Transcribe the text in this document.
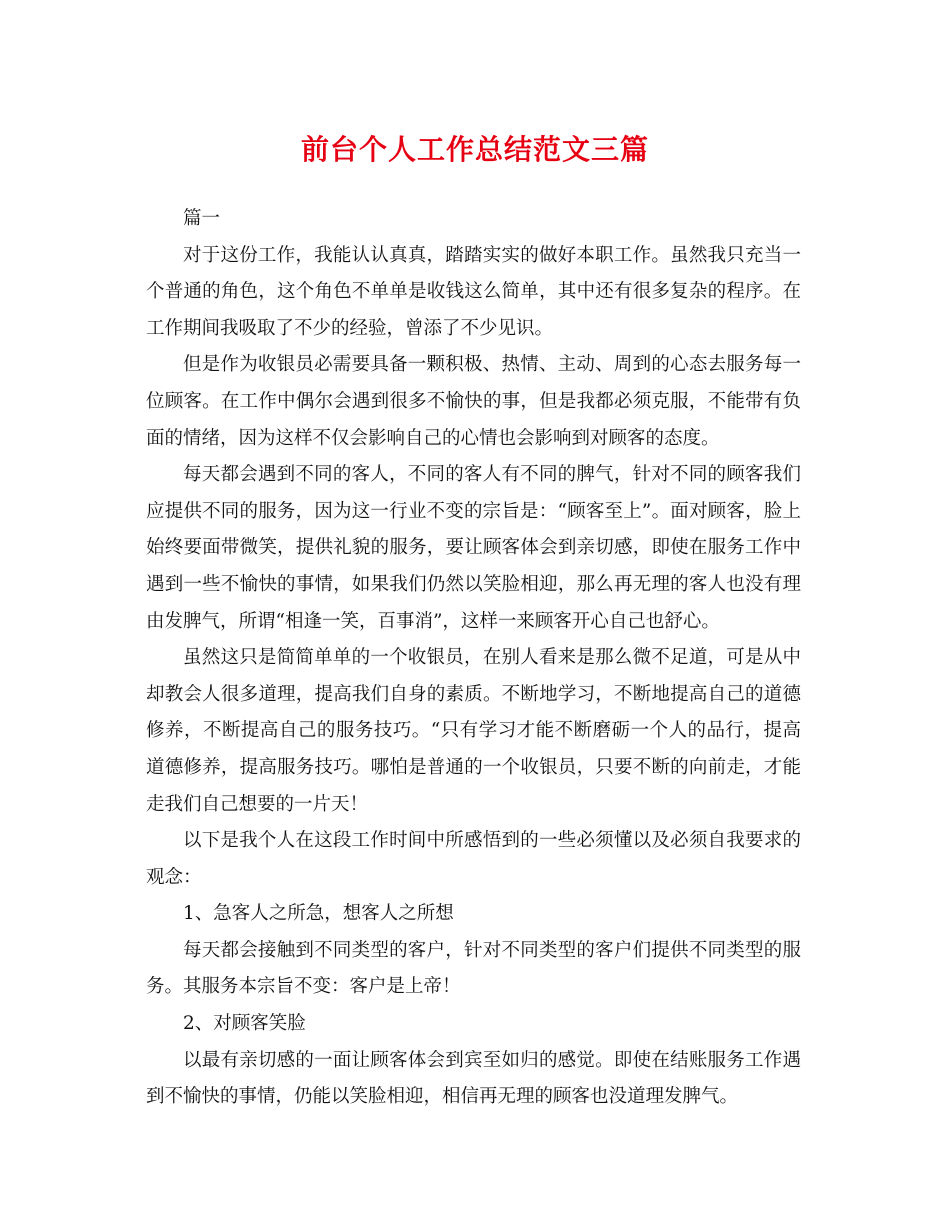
前台个人工作总结范文三篇

篇一

对于这份工作，我能认认真真，踏踏实实的做好本职工作。虽然我只充当一个普通的角色，这个角色不单单是收钱这么简单，其中还有很多复杂的程序。在工作期间我吸取了不少的经验，曾添了不少见识。

但是作为收银员必需要具备一颗积极、热情、主动、周到的心态去服务每一位顾客。在工作中偶尔会遇到很多不愉快的事，但是我都必须克服，不能带有负面的情绪，因为这样不仅会影响自己的心情也会影响到对顾客的态度。

每天都会遇到不同的客人，不同的客人有不同的脾气，针对不同的顾客我们应提供不同的服务，因为这一行业不变的宗旨是：“顾客至上”。面对顾客，脸上始终要面带微笑，提供礼貌的服务，要让顾客体会到亲切感，即使在服务工作中遇到一些不愉快的事情，如果我们仍然以笑脸相迎，那么再无理的客人也没有理由发脾气，所谓“相逢一笑，百事消”，这样一来顾客开心自己也舒心。

虽然这只是简简单单的一个收银员，在别人看来是那么微不足道，可是从中却教会人很多道理，提高我们自身的素质。不断地学习，不断地提高自己的道德修养，不断提高自己的服务技巧。“只有学习才能不断磨砺一个人的品行，提高道德修养，提高服务技巧。哪怕是普通的一个收银员，只要不断的向前走，才能走我们自己想要的一片天！

以下是我个人在这段工作时间中所感悟到的一些必须懂以及必须自我要求的观念：

1、急客人之所急，想客人之所想

每天都会接触到不同类型的客户，针对不同类型的客户们提供不同类型的服务。其服务本宗旨不变：客户是上帝！

2、对顾客笑脸

以最有亲切感的一面让顾客体会到宾至如归的感觉。即使在结账服务工作遇到不愉快的事情，仍能以笑脸相迎，相信再无理的顾客也没道理发脾气。
